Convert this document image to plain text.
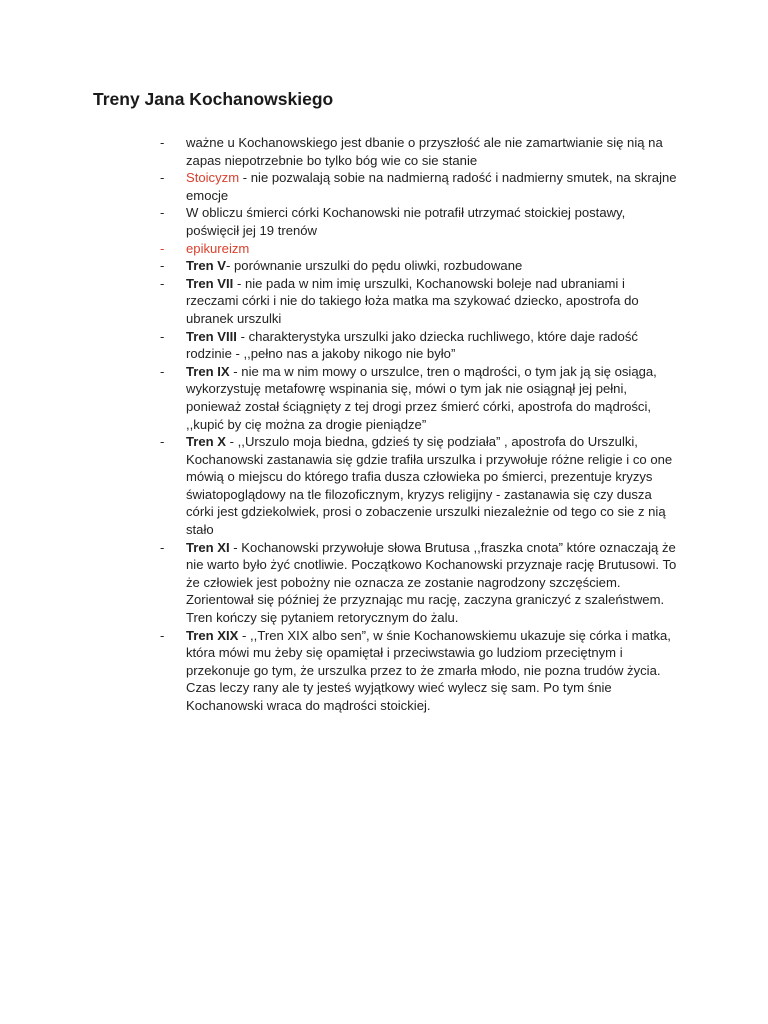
Treny Jana Kochanowskiego
- ważne u Kochanowskiego jest dbanie o przyszłość ale nie zamartwianie się nią na zapas niepotrzebnie bo tylko bóg wie co sie stanie
- Stoicyzm - nie pozwalają sobie na nadmierną radość i nadmierny smutek, na skrajne emocje
- W obliczu śmierci córki Kochanowski nie potrafił utrzymać stoickiej postawy, poświęcił jej 19 trenów
- epikureizm
- Tren V- porównanie urszulki do pędu oliwki, rozbudowane
- Tren VII - nie pada w nim imię urszulki, Kochanowski boleje nad ubraniami i rzeczami córki i nie do takiego łoża matka ma szykować dziecko, apostrofa do ubranek urszulki
- Tren VIII - charakterystyka urszulki jako dziecka ruchliwego, które daje radość rodzinie - ,,pełno nas a jakoby nikogo nie było”
- Tren IX - nie ma w nim mowy o urszulce, tren o mądrości, o tym jak ją się osiąga, wykorzystuję metafowrę wspinania się, mówi o tym jak nie osiągnął jej pełni, ponieważ został ściągnięty z tej drogi przez śmierć córki, apostrofa do mądrości, ,,kupić by cię można za drogie pieniądze”
- Tren X - ,,Urszulo moja biedna, gdzieś ty się podziała” , apostrofa do Urszulki, Kochanowski zastanawia się gdzie trafiła urszulka i przywołuje różne religie i co one mówią o miejscu do którego trafia dusza człowieka po śmierci, prezentuje kryzys światopoglądowy na tle filozoficznym, kryzys religijny - zastanawia się czy dusza córki jest gdziekolwiek, prosi o zobaczenie urszulki niezależnie od tego co sie z nią stało
- Tren XI - Kochanowski przywołuje słowa Brutusa ,,fraszka cnota” które oznaczają że nie warto było żyć cnotliwie. Początkowo Kochanowski przyznaje rację Brutusowi. To że człowiek jest pobożny nie oznacza ze zostanie nagrodzony szczęściem. Zorientował się później że przyznając mu rację, zaczyna graniczyć z szaleństwem. Tren kończy się pytaniem retorycznym do żalu.
- Tren XIX - ,,Tren XIX albo sen”, w śnie Kochanowskiemu ukazuje się córka i matka, która mówi mu żeby się opamiętał i przeciwstawia go ludziom przeciętnym i przekonuje go tym, że urszulka przez to że zmarła młodo, nie pozna trudów życia. Czas leczy rany ale ty jesteś wyjątkowy wieć wylecz się sam. Po tym śnie Kochanowski wraca do mądrości stoickiej.
